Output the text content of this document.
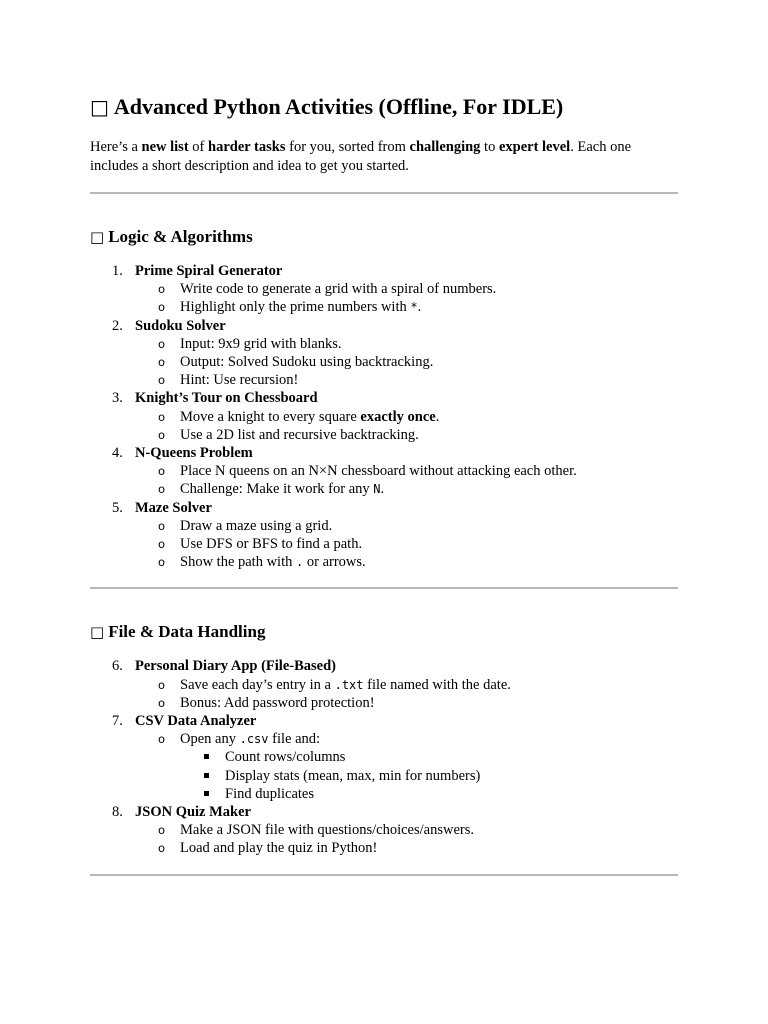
□ Advanced Python Activities (Offline, For IDLE)

Here’s a new list of harder tasks for you, sorted from challenging to expert level. Each one includes a short description and idea to get you started.

□ Logic & Algorithms
1. Prime Spiral Generator
o Write code to generate a grid with a spiral of numbers.
o Highlight only the prime numbers with *.
2. Sudoku Solver
o Input: 9x9 grid with blanks.
o Output: Solved Sudoku using backtracking.
o Hint: Use recursion!
3. Knight’s Tour on Chessboard
o Move a knight to every square exactly once.
o Use a 2D list and recursive backtracking.
4. N-Queens Problem
o Place N queens on an N×N chessboard without attacking each other.
o Challenge: Make it work for any N.
5. Maze Solver
o Draw a maze using a grid.
o Use DFS or BFS to find a path.
o Show the path with . or arrows.
□ File & Data Handling
6. Personal Diary App (File-Based)
o Save each day’s entry in a .txt file named with the date.
o Bonus: Add password protection!
7. CSV Data Analyzer
o Open any .csv file and:
Count rows/columns
Display stats (mean, max, min for numbers)
Find duplicates
8. JSON Quiz Maker
o Make a JSON file with questions/choices/answers.
o Load and play the quiz in Python!
